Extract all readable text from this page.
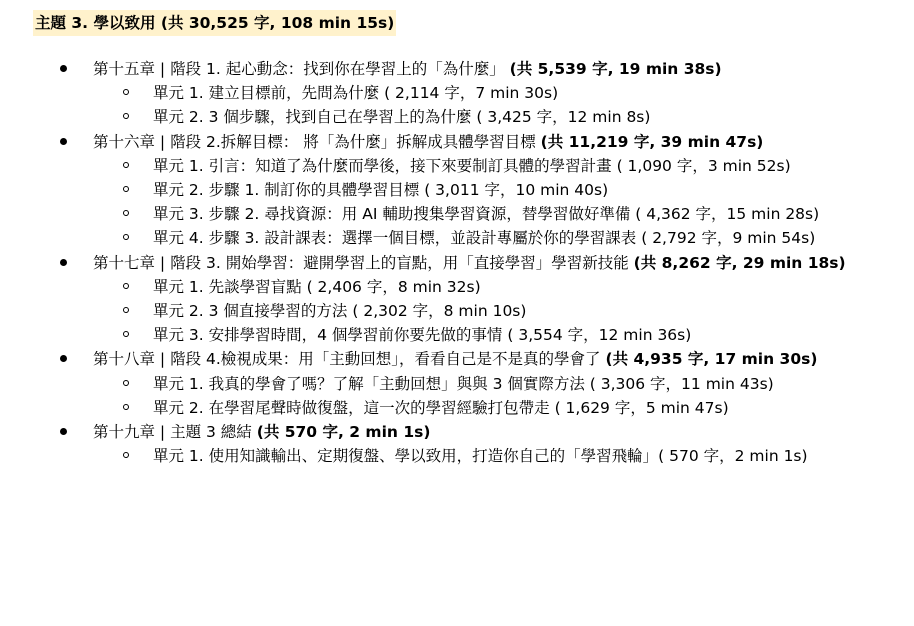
主題 3. 學以致用 (共 30,525 字, 108 min 15s)
第十五章 | 階段 1. 起心動念：找到你在學習上的「為什麼」 (共 5,539 字, 19 min 38s)
單元 1. 建立目標前，先問為什麼 ( 2,114 字，7 min 30s)
單元 2. 3 個步驟，找到自己在學習上的為什麼 ( 3,425 字，12 min 8s)
第十六章 | 階段 2.拆解目標： 將「為什麼」拆解成具體學習目標 (共 11,219 字, 39 min 47s)
單元 1. 引言：知道了為什麼而學後，接下來要制訂具體的學習計畫 ( 1,090 字，3 min 52s)
單元 2. 步驟 1. 制訂你的具體學習目標 ( 3,011 字，10 min 40s)
單元 3. 步驟 2. 尋找資源：用 AI 輔助搜集學習資源，替學習做好準備 ( 4,362 字，15 min 28s)
單元 4. 步驟 3. 設計課表：選擇一個目標，並設計專屬於你的學習課表 ( 2,792 字，9 min 54s)
第十七章 | 階段 3. 開始學習：避開學習上的盲點，用「直接學習」學習新技能 (共 8,262 字, 29 min 18s)
單元 1. 先談學習盲點 ( 2,406 字，8 min 32s)
單元 2. 3 個直接學習的方法 ( 2,302 字，8 min 10s)
單元 3. 安排學習時間，4 個學習前你要先做的事情 ( 3,554 字，12 min 36s)
第十八章 | 階段 4.檢視成果：用「主動回想」，看看自己是不是真的學會了 (共 4,935 字, 17 min 30s)
單元 1. 我真的學會了嗎？了解「主動回想」與與 3 個實際方法 ( 3,306 字，11 min 43s)
單元 2. 在學習尾聲時做復盤，這一次的學習經驗打包帶走 ( 1,629 字，5 min 47s)
第十九章 | 主題 3 總結 (共 570 字, 2 min 1s)
單元 1. 使用知識輸出、定期復盤、學以致用，打造你自己的「學習飛輪」( 570 字，2 min 1s)
